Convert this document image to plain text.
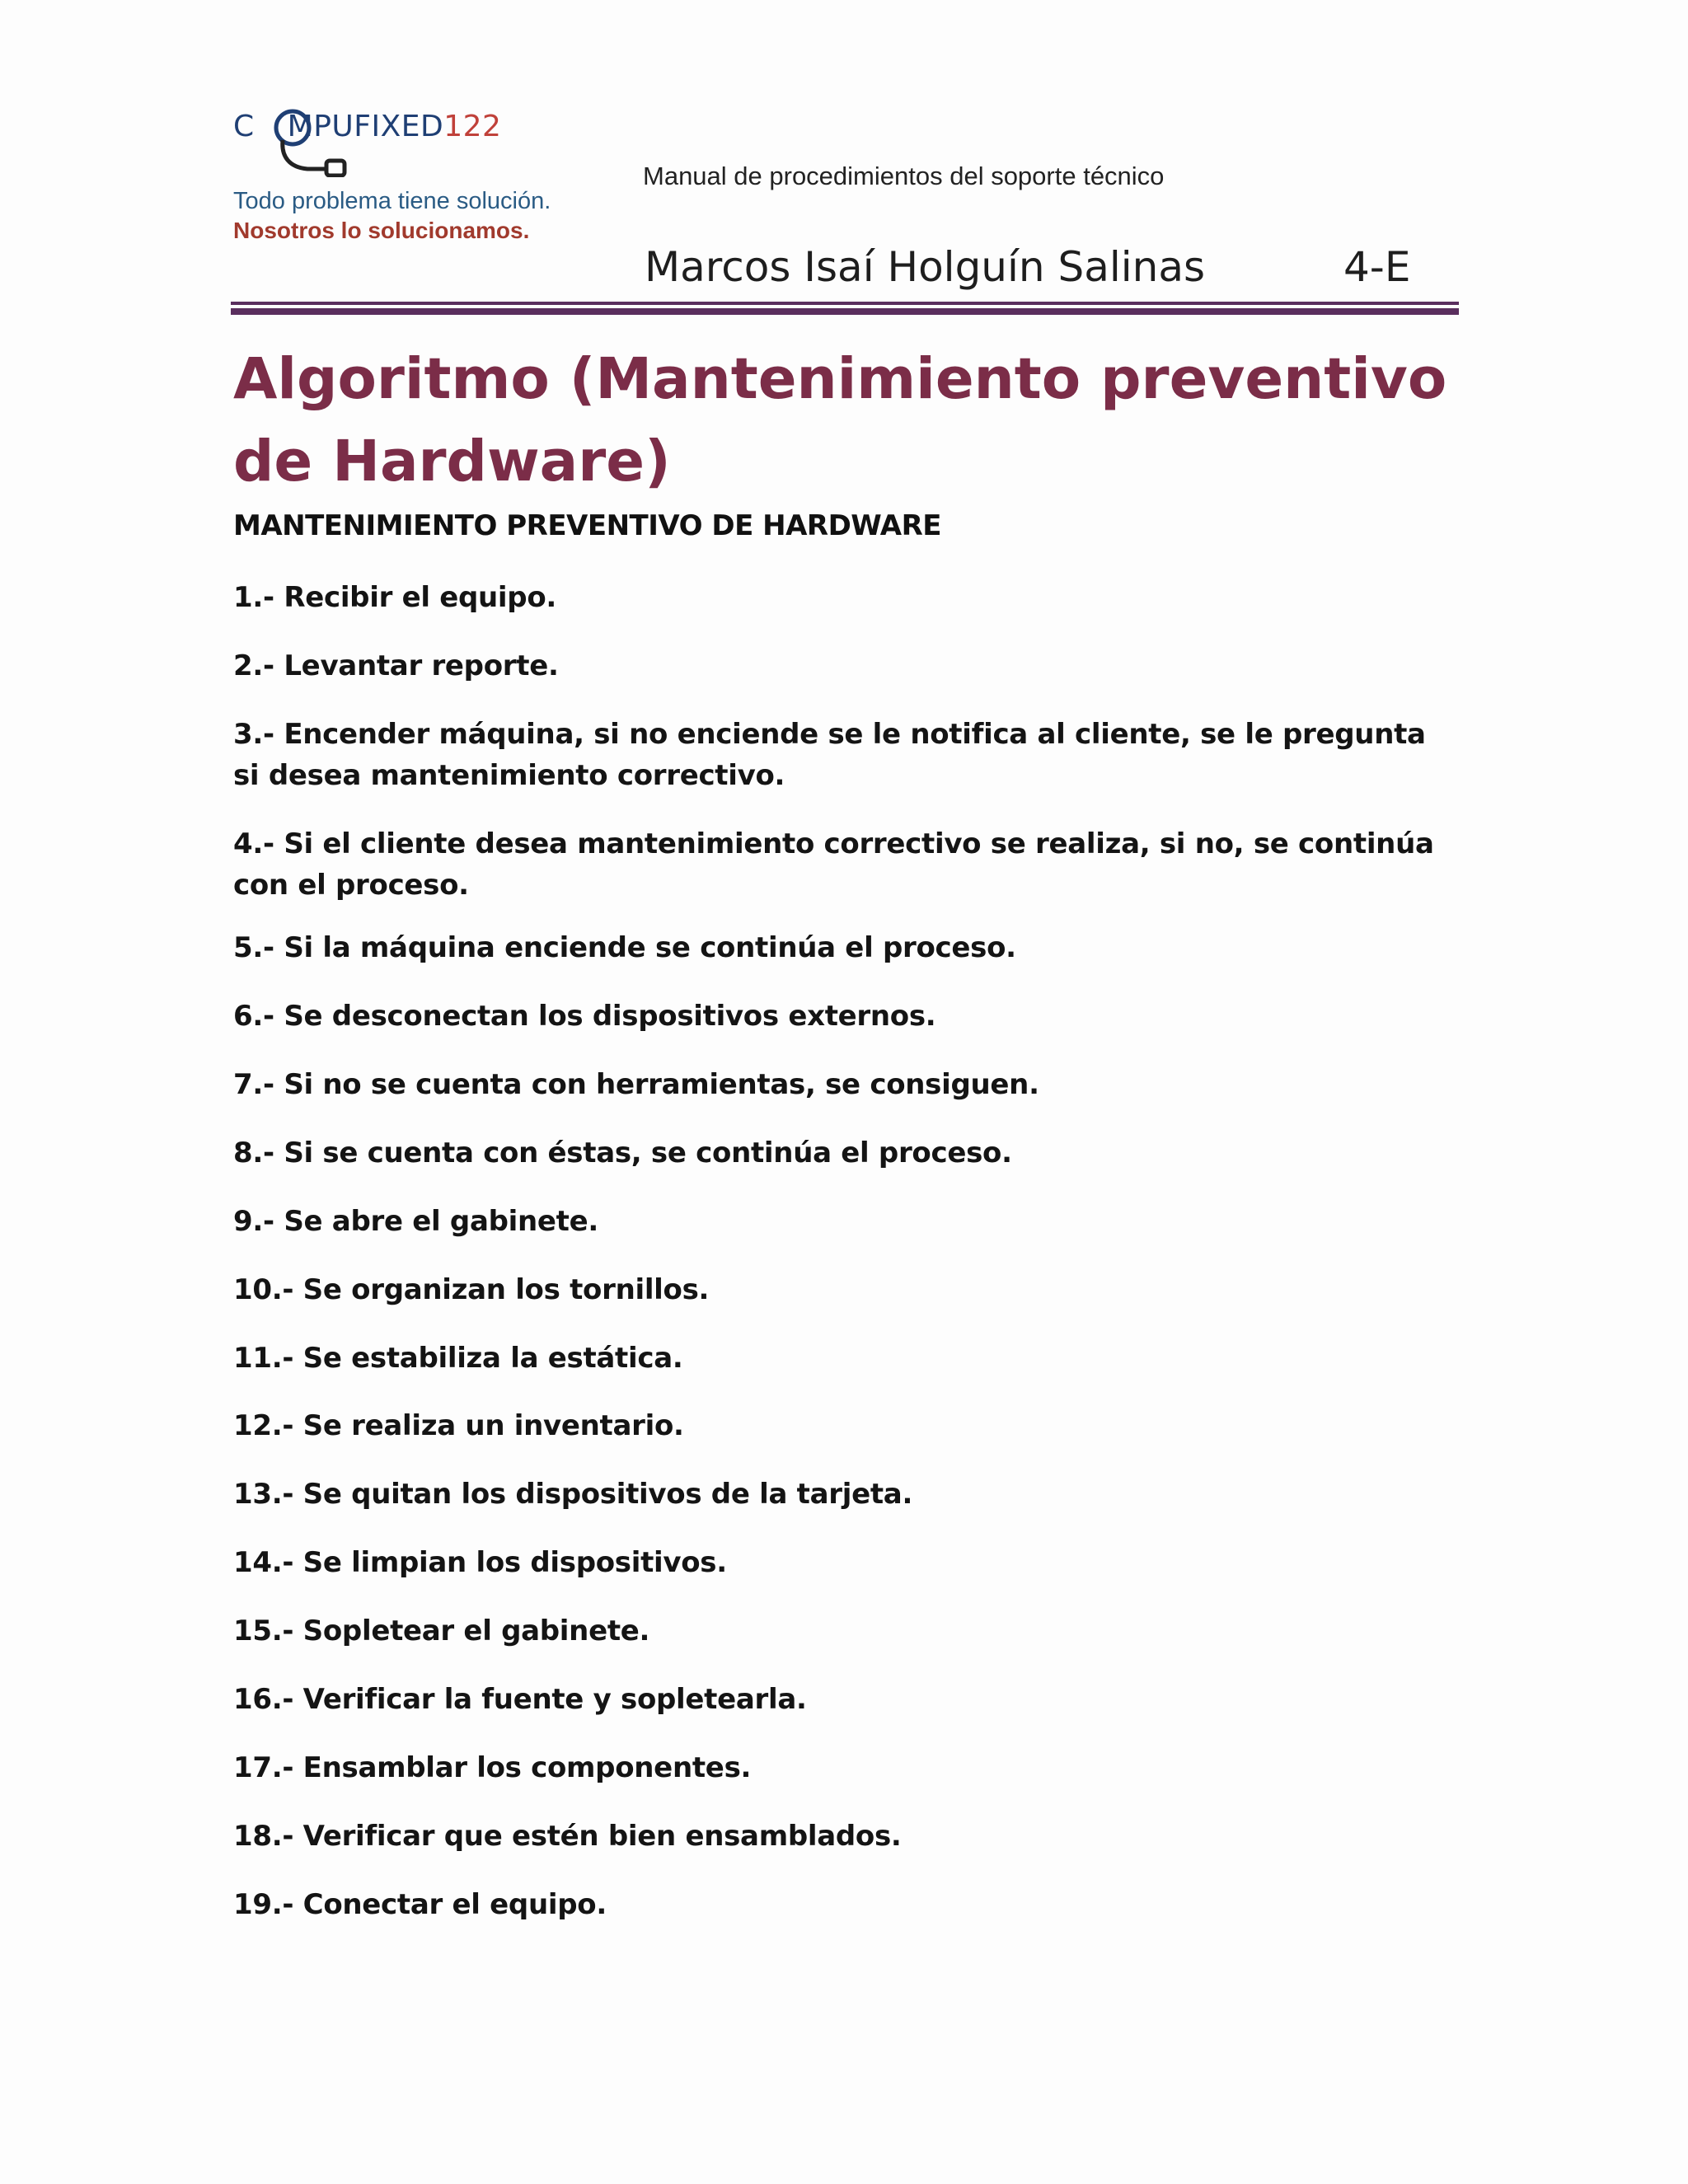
C MPUFIXED122
Todo problema tiene solución.
Nosotros lo solucionamos.
Manual de procedimientos del soporte técnico
Marcos Isaí Holguín Salinas	4-E
Algoritmo (Mantenimiento preventivo de Hardware)
MANTENIMIENTO PREVENTIVO DE HARDWARE
1.- Recibir el equipo.
2.- Levantar reporte.
3.- Encender máquina, si no enciende se le notifica al cliente, se le pregunta si desea mantenimiento correctivo.
4.- Si el cliente desea mantenimiento correctivo se realiza, si no, se continúa con el proceso.
5.- Si la máquina enciende se continúa el proceso.
6.- Se desconectan los dispositivos externos.
7.- Si no se cuenta con herramientas, se consiguen.
8.- Si se cuenta con éstas, se continúa el proceso.
9.- Se abre el gabinete.
10.- Se organizan los tornillos.
11.- Se estabiliza la estática.
12.- Se realiza un inventario.
13.- Se quitan los dispositivos de la tarjeta.
14.- Se limpian los dispositivos.
15.- Sopletear el gabinete.
16.- Verificar la fuente y sopletearla.
17.- Ensamblar los componentes.
18.- Verificar que estén bien ensamblados.
19.- Conectar el equipo.
